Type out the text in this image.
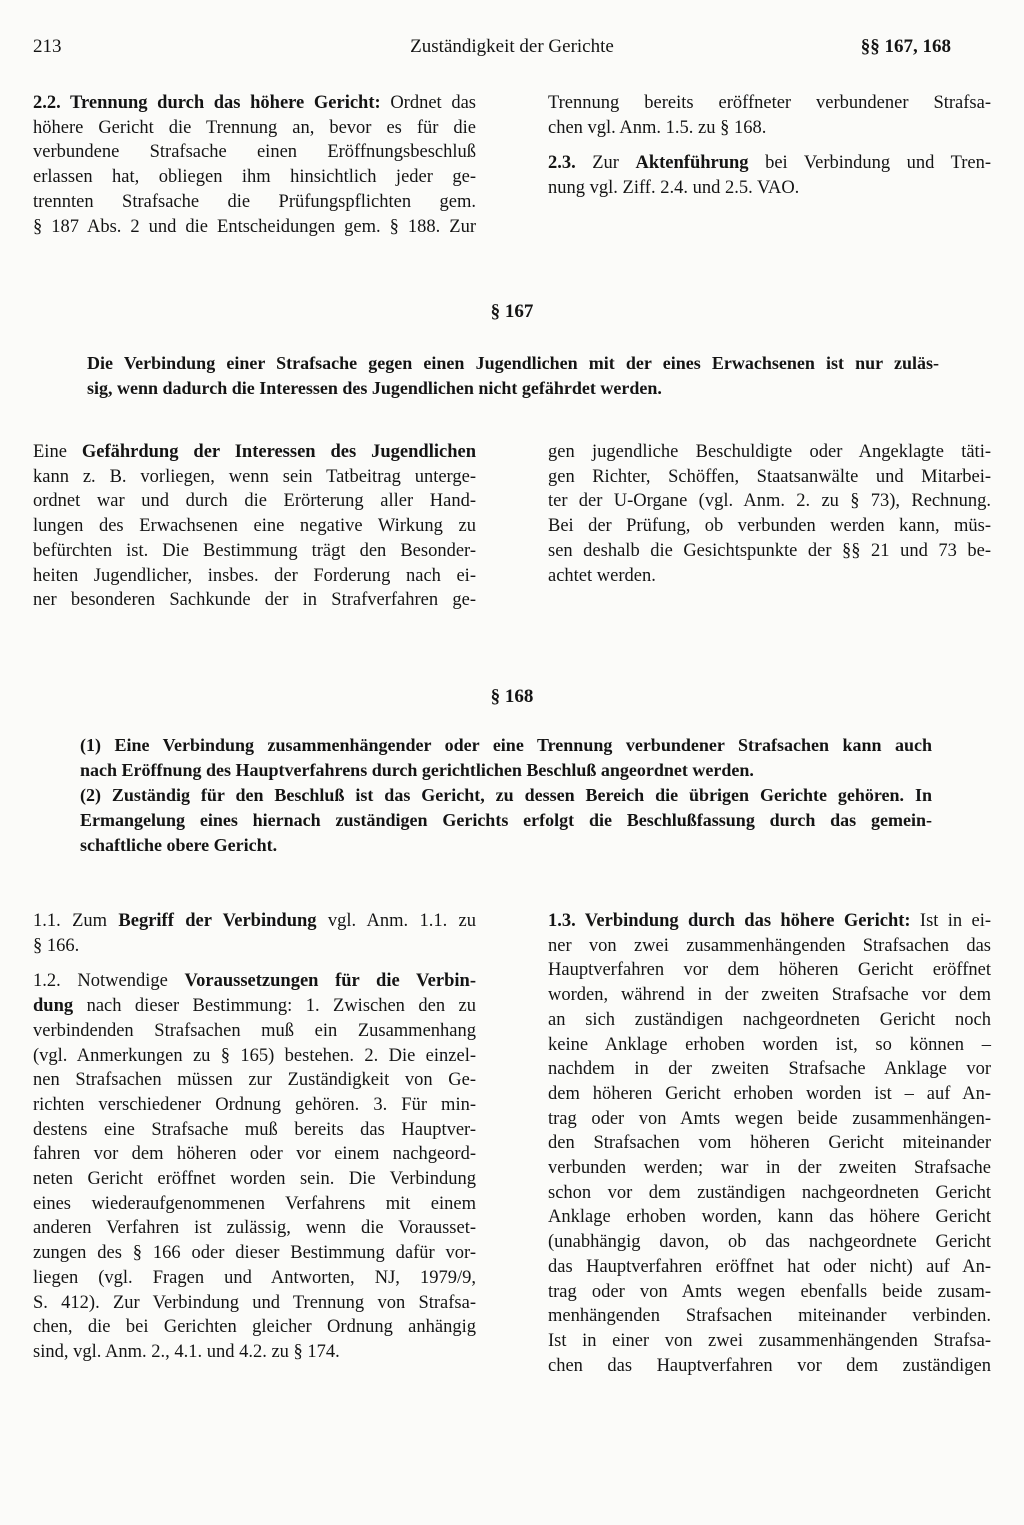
213	Zuständigkeit der Gerichte	§§ 167, 168

2.2. Trennung durch das höhere Gericht: Ordnet das
höhere Gericht die Trennung an, bevor es für die
verbundene Strafsache einen Eröffnungsbeschluß
erlassen hat, obliegen ihm hinsichtlich jeder ge-
trennten Strafsache die Prüfungspflichten gem.
§ 187 Abs. 2 und die Entscheidungen gem. § 188. Zur

Trennung bereits eröffneter verbundener Strafsa-
chen vgl. Anm. 1.5. zu § 168.

2.3. Zur Aktenführung bei Verbindung und Tren-
nung vgl. Ziff. 2.4. und 2.5. VAO.

§ 167
Die Verbindung einer Strafsache gegen einen Jugendlichen mit der eines Erwachsenen ist nur zuläs-
sig, wenn dadurch die Interessen des Jugendlichen nicht gefährdet werden.

Eine Gefährdung der Interessen des Jugendlichen
kann z. B. vorliegen, wenn sein Tatbeitrag unterge-
ordnet war und durch die Erörterung aller Hand-
lungen des Erwachsenen eine negative Wirkung zu
befürchten ist. Die Bestimmung trägt den Besonder-
heiten Jugendlicher, insbes. der Forderung nach ei-
ner besonderen Sachkunde der in Strafverfahren ge-

gen jugendliche Beschuldigte oder Angeklagte täti-
gen Richter, Schöffen, Staatsanwälte und Mitarbei-
ter der U-Organe (vgl. Anm. 2. zu § 73), Rechnung.
Bei der Prüfung, ob verbunden werden kann, müs-
sen deshalb die Gesichtspunkte der §§ 21 und 73 be-
achtet werden.

§ 168
(1) Eine Verbindung zusammenhängender oder eine Trennung verbundener Strafsachen kann auch
nach Eröffnung des Hauptverfahrens durch gerichtlichen Beschluß angeordnet werden.
(2) Zuständig für den Beschluß ist das Gericht, zu dessen Bereich die übrigen Gerichte gehören. In
Ermangelung eines hiernach zuständigen Gerichts erfolgt die Beschlußfassung durch das gemein-
schaftliche obere Gericht.

1.1. Zum Begriff der Verbindung vgl. Anm. 1.1. zu
§ 166.

1.2. Notwendige Voraussetzungen für die Verbin-
dung nach dieser Bestimmung: 1. Zwischen den zu
verbindenden Strafsachen muß ein Zusammenhang
(vgl. Anmerkungen zu § 165) bestehen. 2. Die einzel-
nen Strafsachen müssen zur Zuständigkeit von Ge-
richten verschiedener Ordnung gehören. 3. Für min-
destens eine Strafsache muß bereits das Hauptver-
fahren vor dem höheren oder vor einem nachgeord-
neten Gericht eröffnet worden sein. Die Verbindung
eines wiederaufgenommenen Verfahrens mit einem
anderen Verfahren ist zulässig, wenn die Vorausset-
zungen des § 166 oder dieser Bestimmung dafür vor-
liegen (vgl. Fragen und Antworten, NJ, 1979/9,
S. 412). Zur Verbindung und Trennung von Strafsa-
chen, die bei Gerichten gleicher Ordnung anhängig
sind, vgl. Anm. 2., 4.1. und 4.2. zu § 174.

1.3. Verbindung durch das höhere Gericht: Ist in ei-
ner von zwei zusammenhängenden Strafsachen das
Hauptverfahren vor dem höheren Gericht eröffnet
worden, während in der zweiten Strafsache vor dem
an sich zuständigen nachgeordneten Gericht noch
keine Anklage erhoben worden ist, so können –
nachdem in der zweiten Strafsache Anklage vor
dem höheren Gericht erhoben worden ist – auf An-
trag oder von Amts wegen beide zusammenhängen-
den Strafsachen vom höheren Gericht miteinander
verbunden werden; war in der zweiten Strafsache
schon vor dem zuständigen nachgeordneten Gericht
Anklage erhoben worden, kann das höhere Gericht
(unabhängig davon, ob das nachgeordnete Gericht
das Hauptverfahren eröffnet hat oder nicht) auf An-
trag oder von Amts wegen ebenfalls beide zusam-
menhängenden Strafsachen miteinander verbinden.
Ist in einer von zwei zusammenhängenden Strafsa-
chen das Hauptverfahren vor dem zuständigen
